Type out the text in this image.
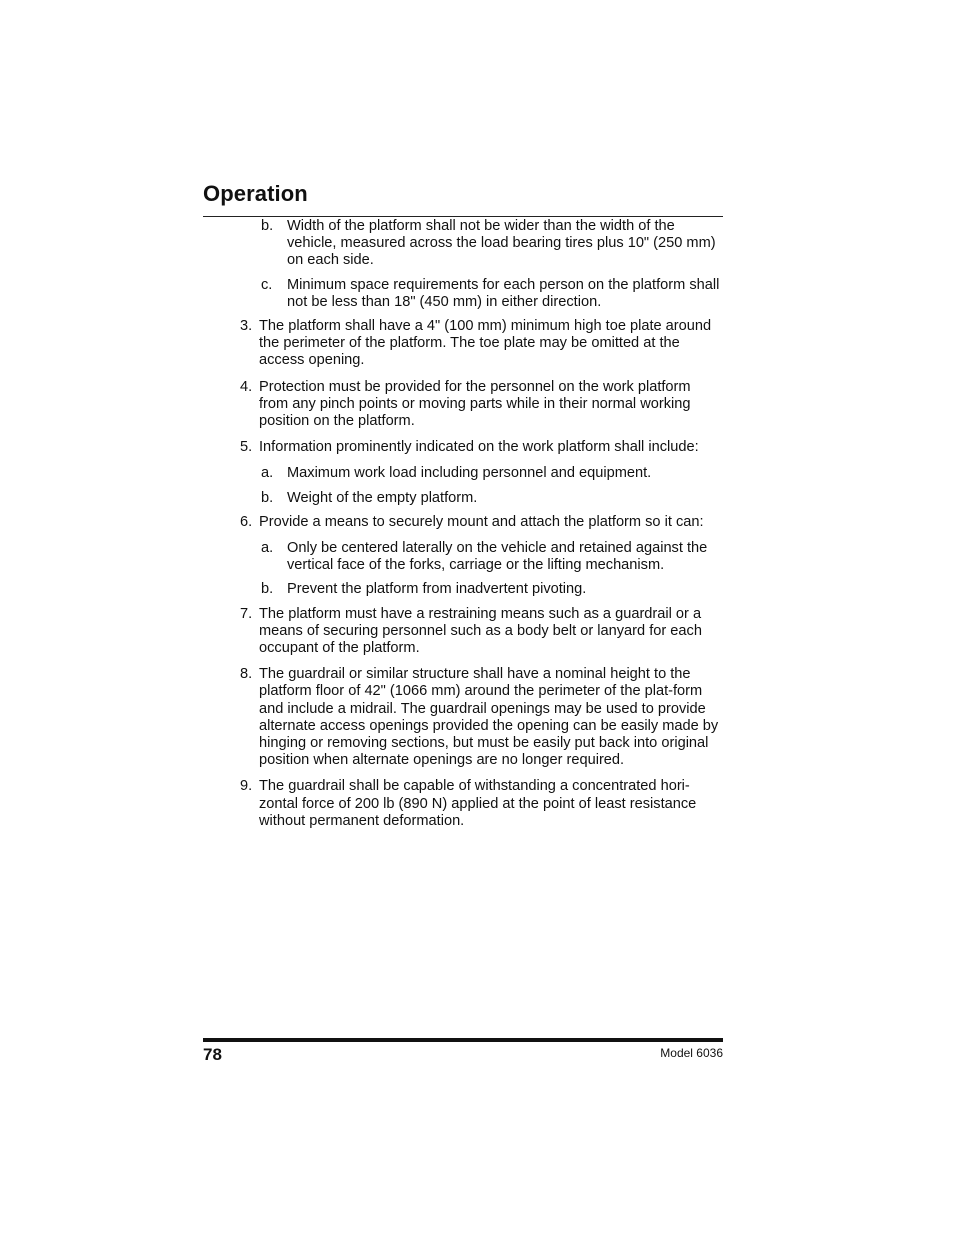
Operation
b. Width of the platform shall not be wider than the width of the vehicle, measured across the load bearing tires plus 10" (250 mm) on each side.
c. Minimum space requirements for each person on the platform shall not be less than 18" (450 mm) in either direction.
3. The platform shall have a 4" (100 mm) minimum high toe plate around the perimeter of the platform. The toe plate may be omitted at the access opening.
4. Protection must be provided for the personnel on the work platform from any pinch points or moving parts while in their normal working position on the platform.
5. Information prominently indicated on the work platform shall include:
a. Maximum work load including personnel and equipment.
b. Weight of the empty platform.
6. Provide a means to securely mount and attach the platform so it can:
a. Only be centered laterally on the vehicle and retained against the vertical face of the forks, carriage or the lifting mechanism.
b. Prevent the platform from inadvertent pivoting.
7. The platform must have a restraining means such as a guardrail or a means of securing personnel such as a body belt or lanyard for each occupant of the platform.
8. The guardrail or similar structure shall have a nominal height to the platform floor of 42" (1066 mm) around the perimeter of the plat-form and include a midrail. The guardrail openings may be used to provide alternate access openings provided the opening can be easily made by hinging or removing sections, but must be easily put back into original position when alternate openings are no longer required.
9. The guardrail shall be capable of withstanding a concentrated hori-zontal force of 200 lb (890 N) applied at the point of least resistance without permanent deformation.
78	Model 6036
